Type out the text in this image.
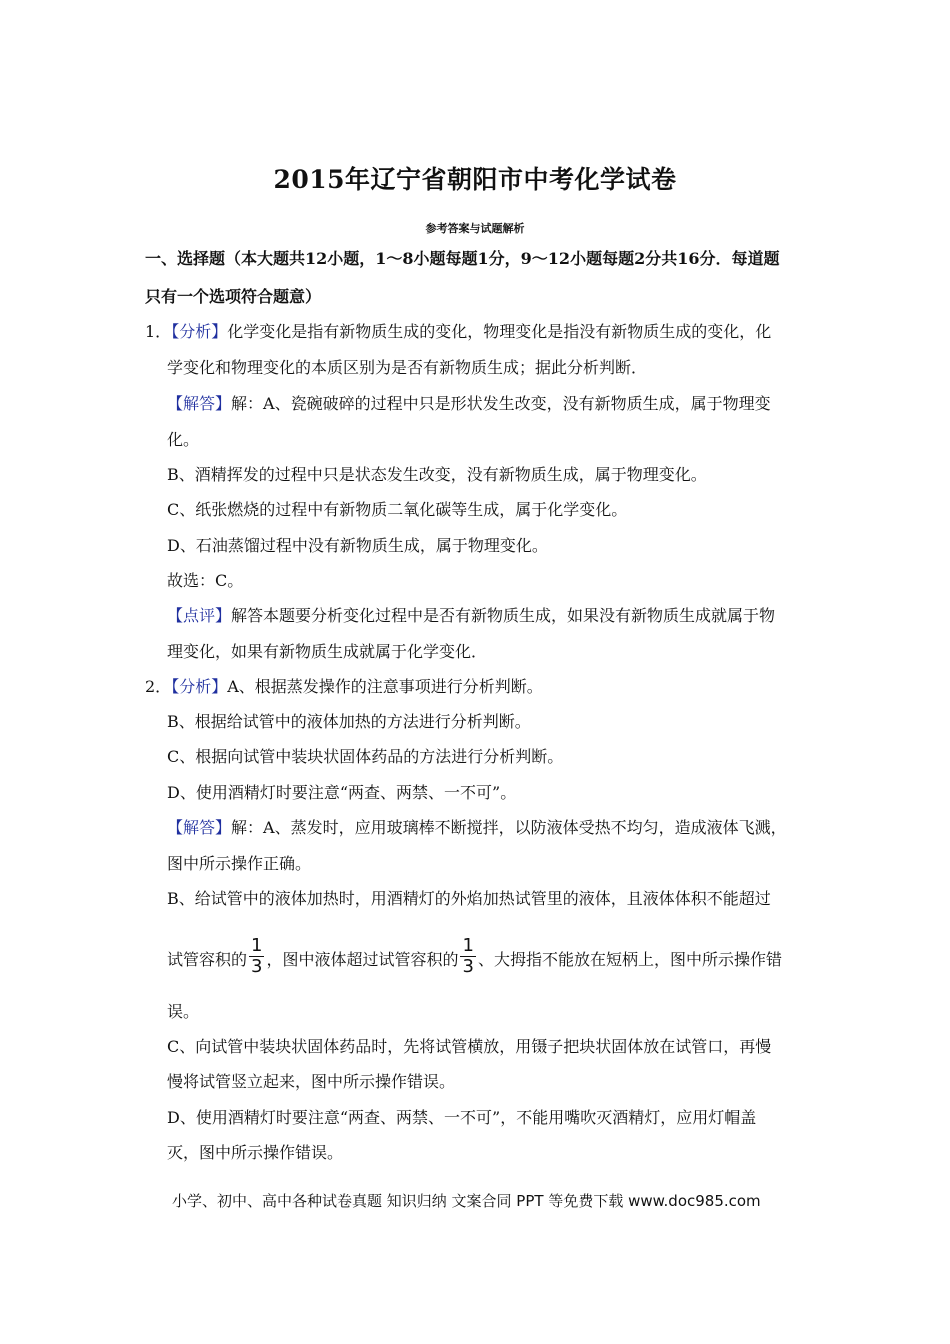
2015年辽宁省朝阳市中考化学试卷
参考答案与试题解析
一、选择题（本大题共12小题，1～8小题每题1分，9～12小题每题2分共16分．每道题
只有一个选项符合题意）
1．【分析】化学变化是指有新物质生成的变化，物理变化是指没有新物质生成的变化，化
学变化和物理变化的本质区别为是否有新物质生成；据此分析判断．
【解答】解：A、瓷碗破碎的过程中只是形状发生改变，没有新物质生成，属于物理变
化。
B、酒精挥发的过程中只是状态发生改变，没有新物质生成，属于物理变化。
C、纸张燃烧的过程中有新物质二氧化碳等生成，属于化学变化。
D、石油蒸馏过程中没有新物质生成，属于物理变化。
故选：C。
【点评】解答本题要分析变化过程中是否有新物质生成，如果没有新物质生成就属于物
理变化，如果有新物质生成就属于化学变化．
2．【分析】A、根据蒸发操作的注意事项进行分析判断。
B、根据给试管中的液体加热的方法进行分析判断。
C、根据向试管中装块状固体药品的方法进行分析判断。
D、使用酒精灯时要注意“两查、两禁、一不可”。
【解答】解：A、蒸发时，应用玻璃棒不断搅拌，以防液体受热不均匀，造成液体飞溅，
图中所示操作正确。
B、给试管中的液体加热时，用酒精灯的外焰加热试管里的液体，且液体体积不能超过
试管容积的 $\frac{1}{3}$ ，图中液体超过试管容积的 $\frac{1}{3}$ 、大拇指不能放在短柄上，图中所示操作错
误。
C、向试管中装块状固体药品时，先将试管横放，用镊子把块状固体放在试管口，再慢
慢将试管竖立起来，图中所示操作错误。
D、使用酒精灯时要注意“两查、两禁、一不可”，不能用嘴吹灭酒精灯，应用灯帽盖
灭，图中所示操作错误。
小学、初中、高中各种试卷真题 知识归纳 文案合同 PPT 等免费下载 www.doc985.com
